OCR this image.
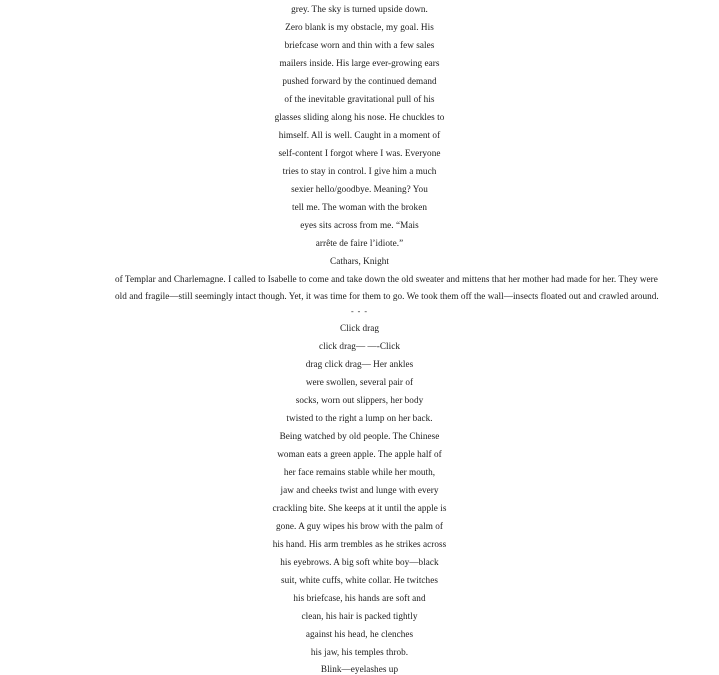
grey. The sky is turned upside down.
Zero blank is my obstacle, my goal. His
briefcase worn and thin with a few sales
mailers inside. His large ever-growing ears
pushed forward by the continued demand
of the inevitable gravitational pull of his
glasses sliding along his nose. He chuckles to
himself. All is well. Caught in a moment of
self-content I forgot where I was. Everyone
tries to stay in control. I give him a much
sexier hello/goodbye. Meaning? You
tell me. The woman with the broken
eyes sits across from me. “Mais
arrête de faire l’idiote.”
Cathars, Knight
of Templar and Charlemagne. I called to Isabelle to come and take down the old sweater and mittens that her mother had made for her. They were
old and fragile—still seemingly intact though. Yet, it was time for them to go. We took them off the wall—insects floated out and crawled around.
- - -
Click drag
click drag— —-Click
drag click drag— Her ankles
were swollen, several pair of
socks, worn out slippers, her body
twisted to the right a lump on her back.
Being watched by old people. The Chinese
woman eats a green apple. The apple half of
her face remains stable while her mouth,
jaw and cheeks twist and lunge with every
crackling bite. She keeps at it until the apple is
gone. A guy wipes his brow with the palm of
his hand. His arm trembles as he strikes across
his eyebrows. A big soft white boy—black
suit, white cuffs, white collar. He twitches
his briefcase, his hands are soft and
clean, his hair is packed tightly
against his head, he clenches
his jaw, his temples throb.
Blink—eyelashes up
